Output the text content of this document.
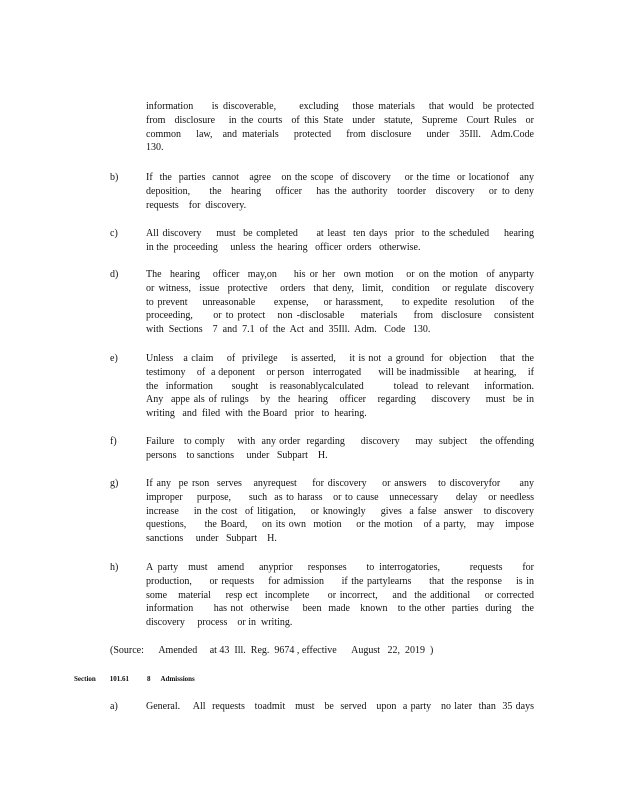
information    is discoverable,     excluding   those materials   that would  be protected
from  disclosure   in the courts  of this State  under  statute,  Supreme  Court Rules  or
common   law,  and materials   protected   from disclosure   under  35Ill.  Adm.Code
130.
b)	If  the  parties  cannot   agree   on the scope  of discovery    or the time  or locationof   any
deposition,    the  hearing   officer   has the authority  toorder  discovery   or to deny
requests    for  discovery.
c)	All discovery    must  be completed     at least  ten days  prior  to the scheduled    hearing
in the  proceeding     unless  the  hearing   officer  orders   otherwise.
d)	The  hearing   officer  may,on    his or her  own motion   or on the motion  of anyparty
or witness,  issue  protective   orders  that deny,  limit,  condition   or regulate  discovery
to prevent    unreasonable     expense,    or harassment,     to expedite  resolution    of the
proceeding,     or to protect   non -disclosable    materials    from  disclosure   consistent
with  Sections    7  and  7.1  of  the  Act  and  35Ill.  Adm.   Code   130.
e)	Unless   a claim    of  privilege    is asserted,    it is not  a ground  for  objection    that  the
testimony    of  a deponent    or person   interrogated      will be inadmissible     at hearing,    if
the  information     sought   is reasonablycalculated        tolead  to relevant    information.
Any  appe als of rulings   by  the  hearing   officer   regarding    discovery    must  be in
writing   and  filed  with  the Board   prior   to  hearing.
f)	Failure   to comply    with  any order  regarding     discovery     may  subject    the offending
persons    to sanctions     under   Subpart    H.
g)	If any  pe rson  serves   anyrequest    for discovery    or answers   to discoveryfor     any
improper    purpose,     such  as to harass   or to cause   unnecessary     delay   or needless
increase    in the cost  of litigation,    or knowingly    gives  a false  answer   to discovery
questions,     the Board,    on its own  motion    or the motion   of a party,   may   impose
sanctions     under   Subpart    H.
h)	A party  must  amend   anyprior   responses    to interrogatories,      requests    for
production,     or requests    for admission     if the partylearns     that  the response    is in
some   material    resp ect  incomplete     or incorrect,    and  the additional    or corrected
information      has not  otherwise    been  made   known   to the other  parties  during   the
discovery     process    or in  writing.
(Source:      Amended     at 43  Ill.  Reg.  9674 , effective      August   22,  2019  )
Section 101.61	8 Admissions
a)	General.    All  requests   toadmit   must   be  served   upon  a party   no later  than  35 days
